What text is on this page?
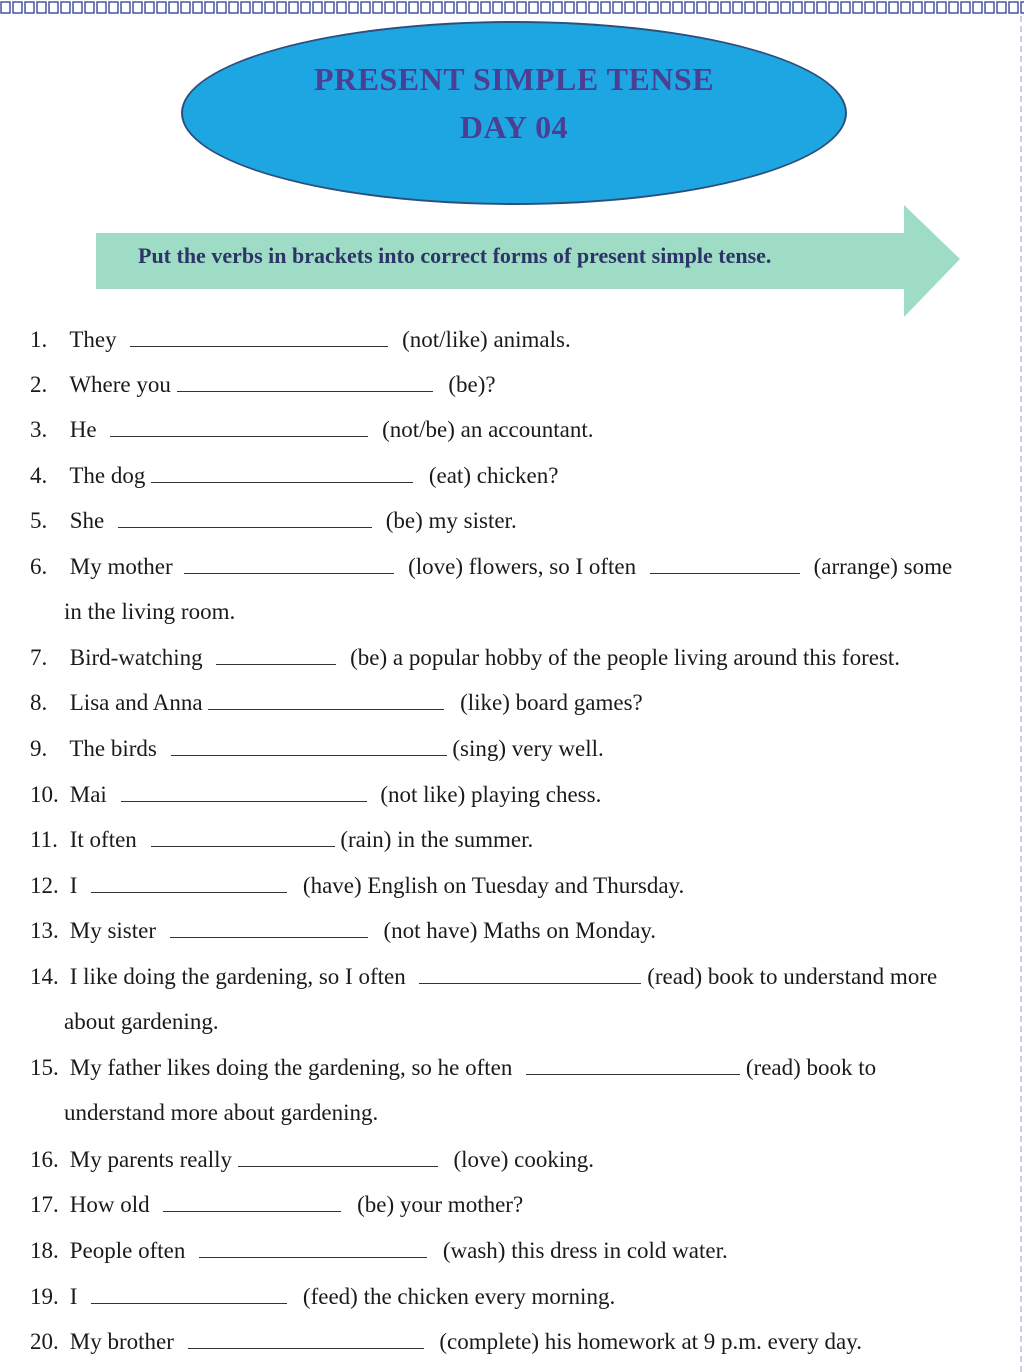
PRESENT SIMPLE TENSE
DAY 04
Put the verbs in brackets into correct forms of present simple tense.
1. They	(not/like) animals.
2. Where you	(be)?
3. He	(not/be) an accountant.
4. The dog	(eat) chicken?
5. She	(be) my sister.
6. My mother	(love) flowers, so I often	(arrange) some
in the living room.
7. Bird-watching	(be) a popular hobby of the people living around this forest.
8. Lisa and Anna	(like) board games?
9. The birds	(sing) very well.
10. Mai	(not like) playing chess.
11. It often	(rain) in the summer.
12. I	(have) English on Tuesday and Thursday.
13. My sister	(not have) Maths on Monday.
14. I like doing the gardening, so I often	(read) book to understand more
about gardening.
15. My father likes doing the gardening, so he often	(read) book to
understand more about gardening.
16. My parents really	(love) cooking.
17. How old	(be) your mother?
18. People often	(wash) this dress in cold water.
19. I	(feed) the chicken every morning.
20. My brother	(complete) his homework at 9 p.m. every day.
